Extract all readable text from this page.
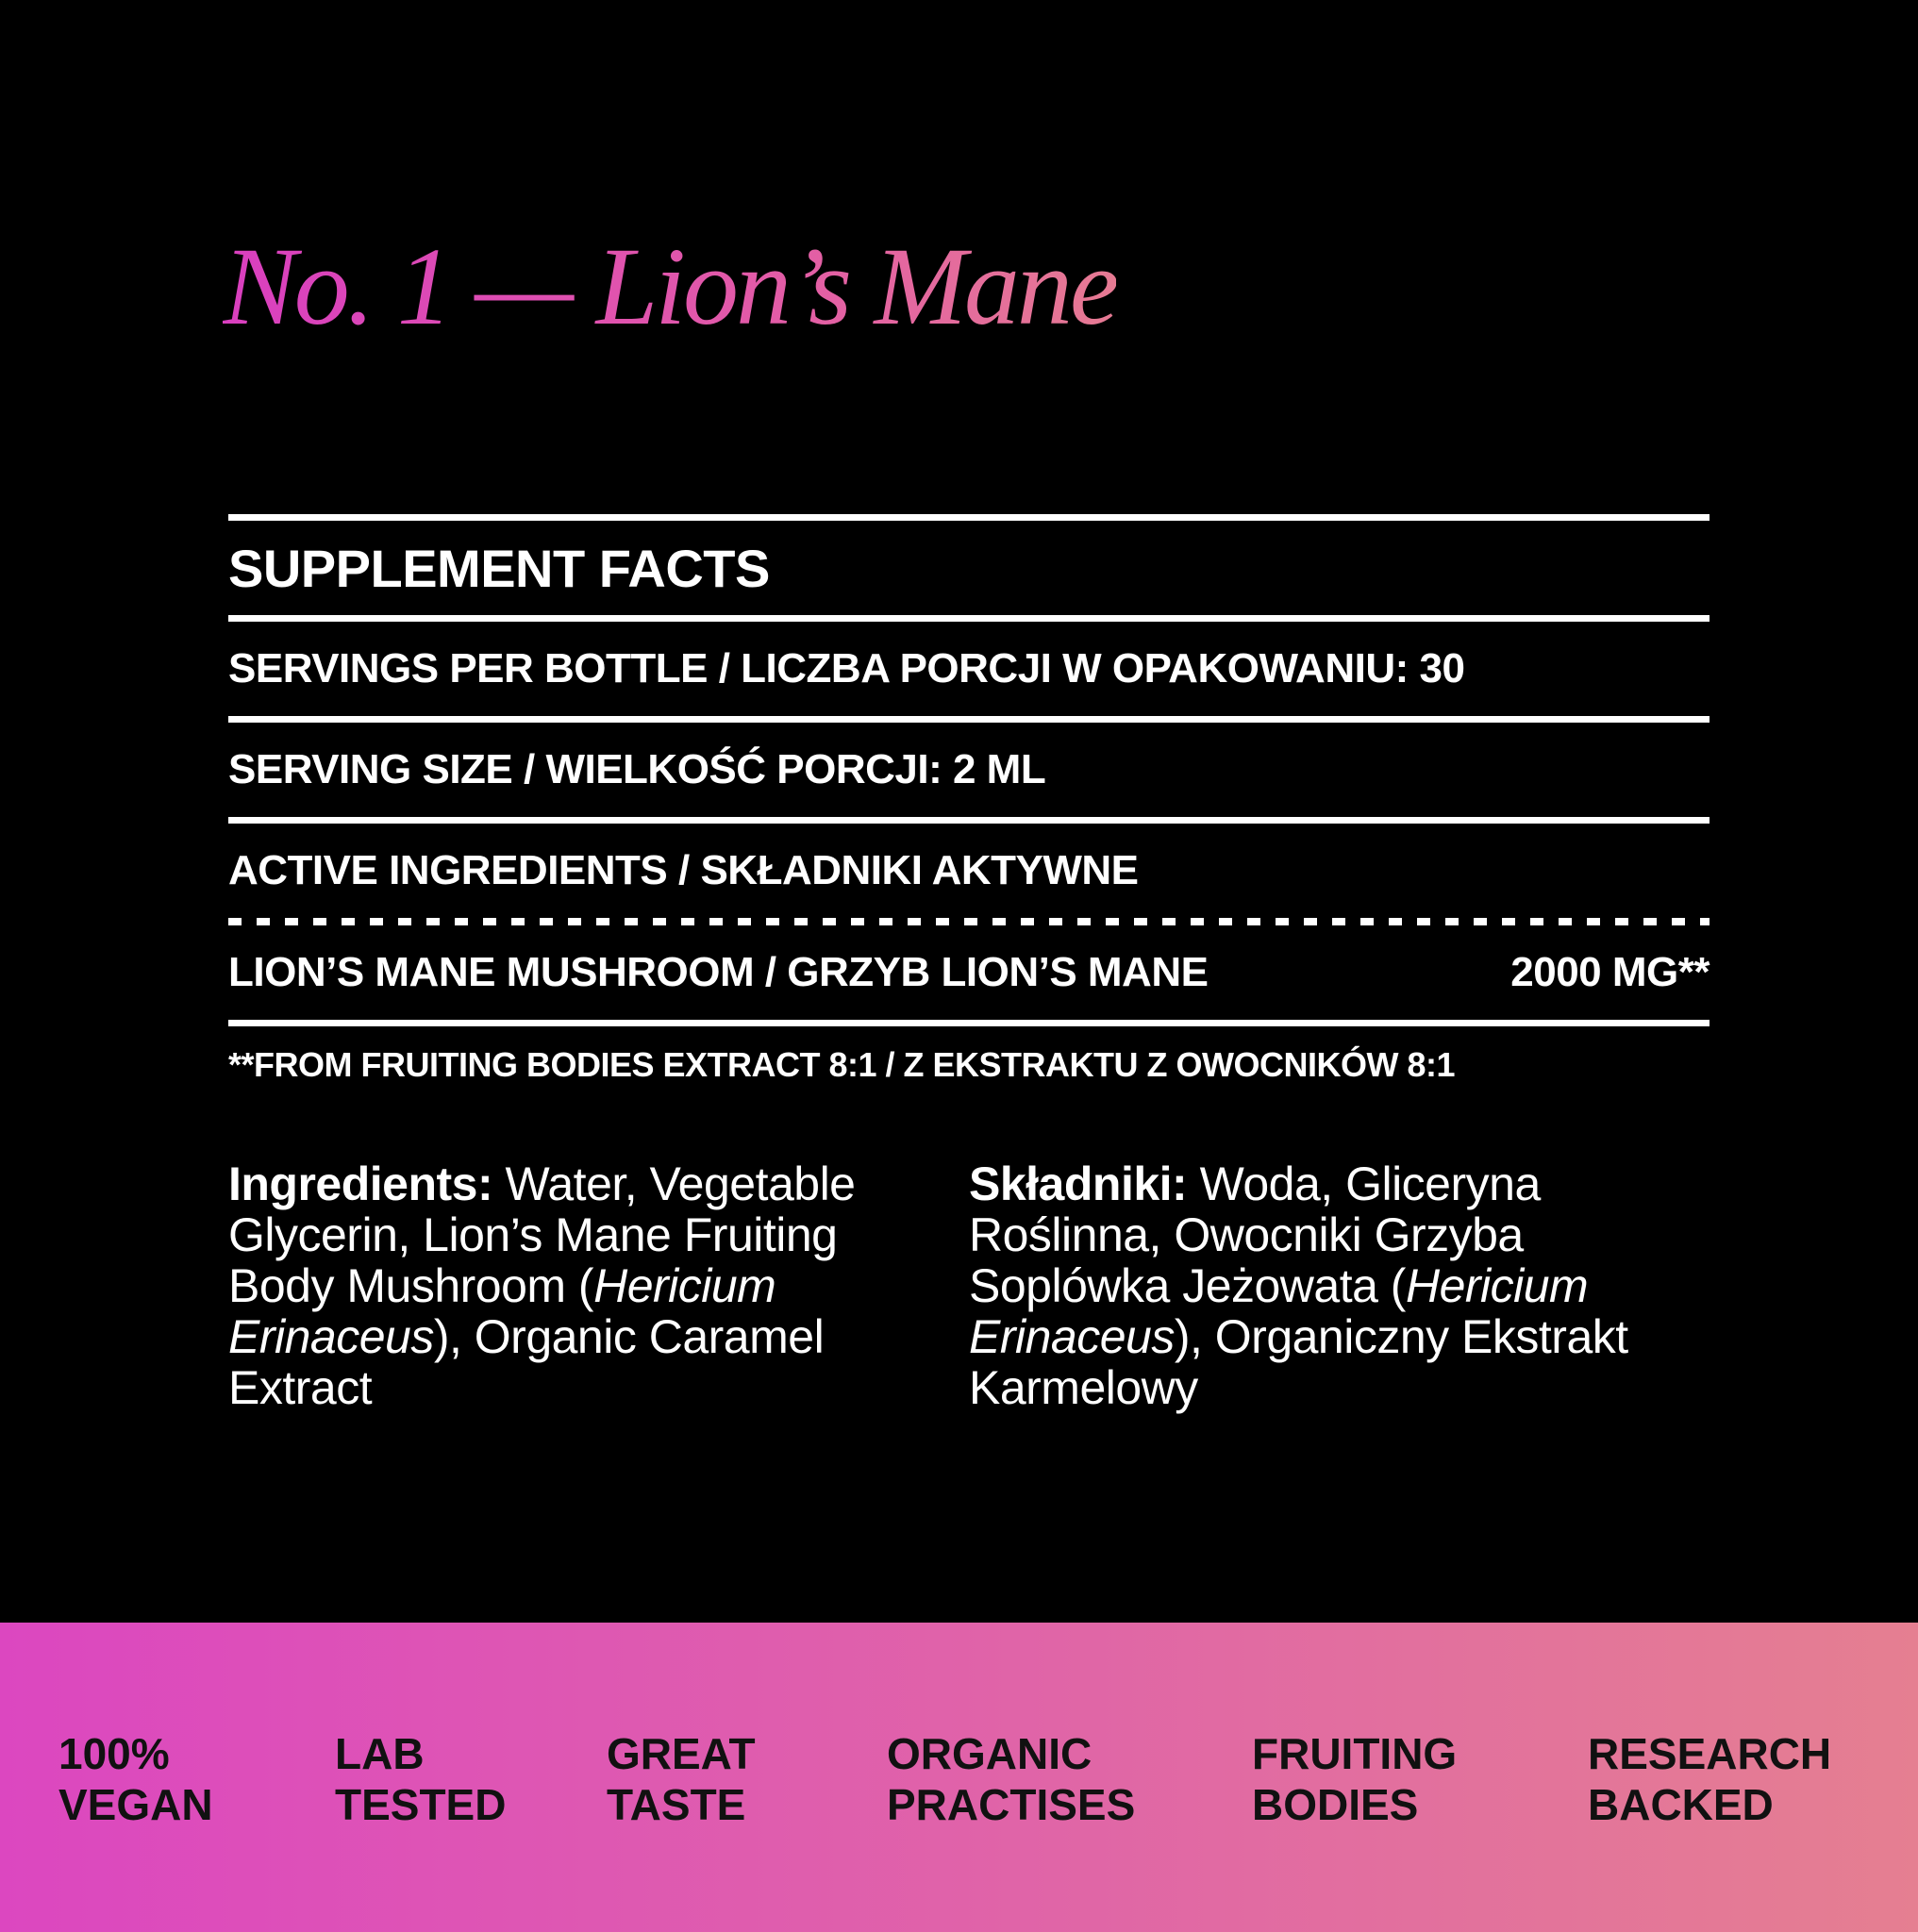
No. 1 — Lion’s Mane
SUPPLEMENT FACTS
SERVINGS PER BOTTLE / LICZBA PORCJI W OPAKOWANIU: 30
SERVING SIZE / WIELKOŚĆ PORCJI: 2 ML
ACTIVE INGREDIENTS / SKŁADNIKI AKTYWNE
LION’S MANE MUSHROOM / GRZYB LION’S MANE	2000 MG**
**FROM FRUITING BODIES EXTRACT 8:1 / Z EKSTRAKTU Z OWOCNIKÓW 8:1
Ingredients: Water, Vegetable Glycerin, Lion’s Mane Fruiting Body Mushroom (Hericium Erinaceus), Organic Caramel Extract
Składniki: Woda, Gliceryna Roślinna, Owocniki Grzyba Soplówka Jeżowata (Hericium Erinaceus), Organiczny Ekstrakt Karmelowy
100%
VEGAN
LAB
TESTED
GREAT
TASTE
ORGANIC
PRACTISES
FRUITING
BODIES
RESEARCH
BACKED
